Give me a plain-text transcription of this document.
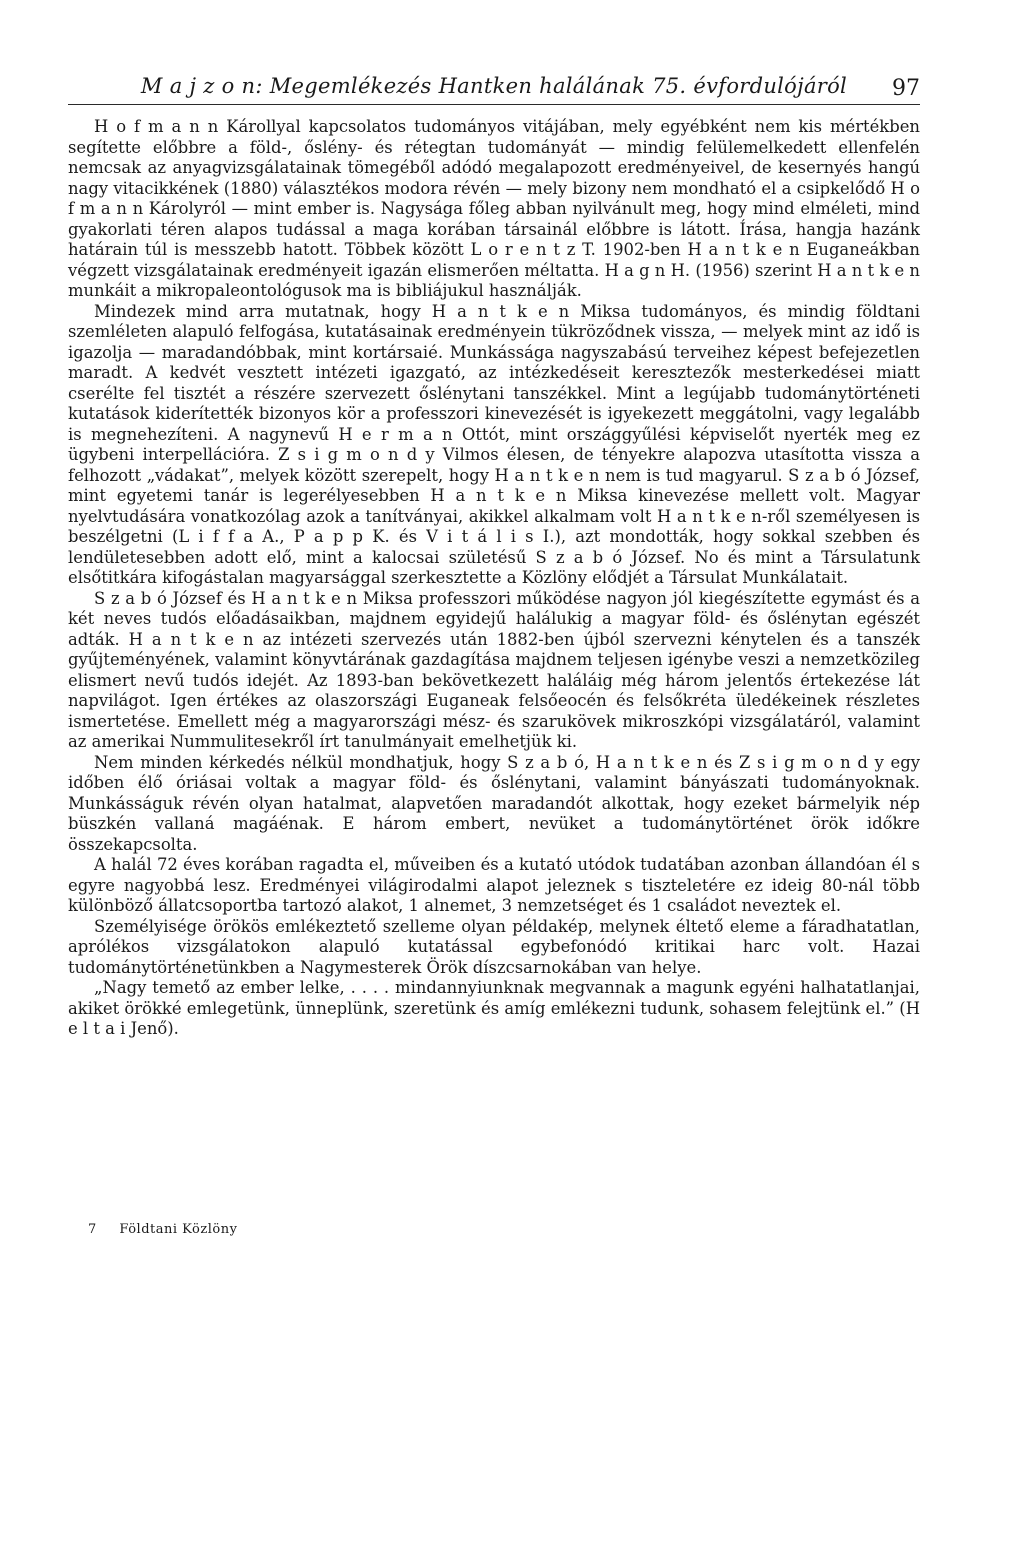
M a j z o n: Megemlékezés Hantken halálának 75. évfordulójáról	97

H o f m a n n Károllyal kapcsolatos tudományos vitájában, mely egyébként nem kis mértékben segítette előbbre a föld-, őslény- és rétegtan tudományát — mindig felülemelkedett ellenfelén nemcsak az anyagvizsgálatainak tömegéből adódó megalapozott eredményeivel, de kesernyés hangú nagy vitacikkének (1880) választékos modora révén — mely bizony nem mondható el a csipkelődő H o f m a n n Károlyról — mint ember is. Nagysága főleg abban nyilvánult meg, hogy mind elméleti, mind gyakorlati téren alapos tudással a maga korában társainál előbbre is látott. Írása, hangja hazánk határain túl is messzebb hatott. Többek között L o r e n t z T. 1902-ben H a n t k e n Euganeákban végzett vizsgálatainak eredményeit igazán elismerően méltatta. H a g n H. (1956) szerint H a n t k e n munkáit a mikropaleontológusok ma is bibliájukul használják.

Mindezek mind arra mutatnak, hogy H a n t k e n Miksa tudományos, és mindig földtani szemléleten alapuló felfogása, kutatásainak eredményein tükröződnek vissza, — melyek mint az idő is igazolja — maradandóbbak, mint kortársaié. Munkássága nagyszabású terveihez képest befejezetlen maradt. A kedvét vesztett intézeti igazgató, az intézkedéseit keresztezők mesterkedései miatt cserélte fel tisztét a részére szervezett őslénytani tanszékkel. Mint a legújabb tudománytörténeti kutatások kiderítették bizonyos kör a professzori kinevezését is igyekezett meggátolni, vagy legalább is megnehezíteni. A nagynevű H e r m a n Ottót, mint országgyűlési képviselőt nyerték meg ez ügybeni interpellációra. Z s i g m o n d y Vilmos élesen, de tényekre alapozva utasította vissza a felhozott „vádakat”, melyek között szerepelt, hogy H a n t k e n nem is tud magyarul. S z a b ó József, mint egyetemi tanár is legerélyesebben H a n t k e n Miksa kinevezése mellett volt. Magyar nyelvtudására vonatkozólag azok a tanítványai, akikkel alkalmam volt H a n t k e n-ről személyesen is beszélgetni (L i f f a A., P a p p K. és V i t á l i s I.), azt mondották, hogy sokkal szebben és lendületesebben adott elő, mint a kalocsai születésű S z a b ó József. No és mint a Társulatunk elsőtitkára kifogástalan magyarsággal szerkesztette a Közlöny elődjét a Társulat Munkálatait.

S z a b ó József és H a n t k e n Miksa professzori működése nagyon jól kiegészítette egymást és a két neves tudós előadásaikban, majdnem egyidejű halálukig a magyar föld- és őslénytan egészét adták. H a n t k e n az intézeti szervezés után 1882-ben újból szervezni kénytelen és a tanszék gyűjteményének, valamint könyvtárának gazdagítása majdnem teljesen igénybe veszi a nemzetközileg elismert nevű tudós idejét. Az 1893-ban bekövetkezett haláláig még három jelentős értekezése lát napvilágot. Igen értékes az olaszországi Euganeak felsőeocén és felsőkréta üledékeinek részletes ismertetése. Emellett még a magyarországi mész- és szarukövek mikroszkópi vizsgálatáról, valamint az amerikai Nummulitesekről írt tanulmányait emelhetjük ki.

Nem minden kérkedés nélkül mondhatjuk, hogy S z a b ó, H a n t k e n és Z s i g m o n d y egy időben élő óriásai voltak a magyar föld- és őslénytani, valamint bányászati tudományoknak. Munkásságuk révén olyan hatalmat, alapvetően maradandót alkottak, hogy ezeket bármelyik nép büszkén vallaná magáénak. E három embert, nevüket a tudománytörténet örök időkre összekapcsolta.

A halál 72 éves korában ragadta el, műveiben és a kutató utódok tudatában azonban állandóan él s egyre nagyobbá lesz. Eredményei világirodalmi alapot jeleznek s tiszteletére ez ideig 80-nál több különböző állatcsoportba tartozó alakot, 1 alnemet, 3 nemzetséget és 1 családot neveztek el.

Személyisége örökös emlékeztető szelleme olyan példakép, melynek éltető eleme a fáradhatatlan, aprólékos vizsgálatokon alapuló kutatással egybefonódó kritikai harc volt. Hazai tudománytörténetünkben a Nagymesterek Örök díszcsarnokában van helye.

„Nagy temető az ember lelke, . . . . mindannyiunknak megvannak a magunk egyéni halhatatlanjai, akiket örökké emlegetünk, ünneplünk, szeretünk és amíg emlékezni tudunk, sohasem felejtünk el.” (H e l t a i Jenő).

7 Földtani Közlöny
